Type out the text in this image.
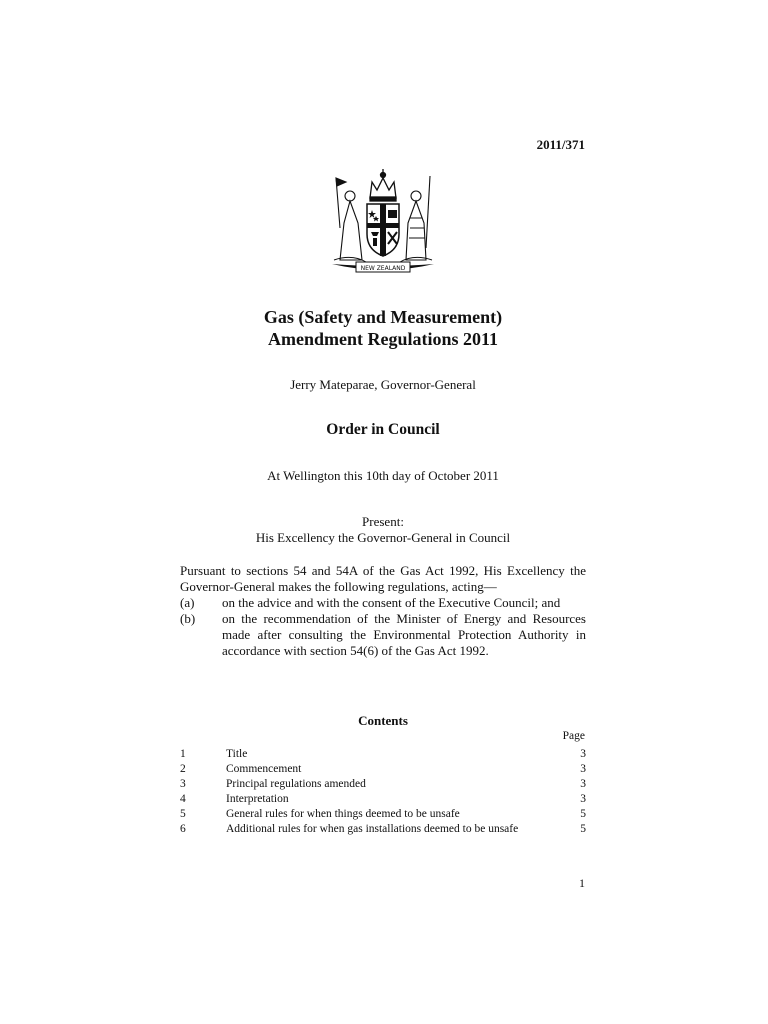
2011/371
NEW ZEALAND
Gas (Safety and Measurement)
Amendment Regulations 2011
Jerry Mateparae, Governor-General
Order in Council
At Wellington this 10th day of October 2011
Present:
His Excellency the Governor-General in Council
Pursuant to sections 54 and 54A of the Gas Act 1992, His Excellency the Governor-General makes the following regulations, acting—
(a)	on the advice and with the consent of the Executive Council; and
(b)	on the recommendation of the Minister of Energy and Resources made after consulting the Environmental Protection Authority in accordance with section 54(6) of the Gas Act 1992.
Contents
Page
1	Title	3
2	Commencement	3
3	Principal regulations amended	3
4	Interpretation	3
5	General rules for when things deemed to be unsafe	5
6	Additional rules for when gas installations deemed to be unsafe	5
1
